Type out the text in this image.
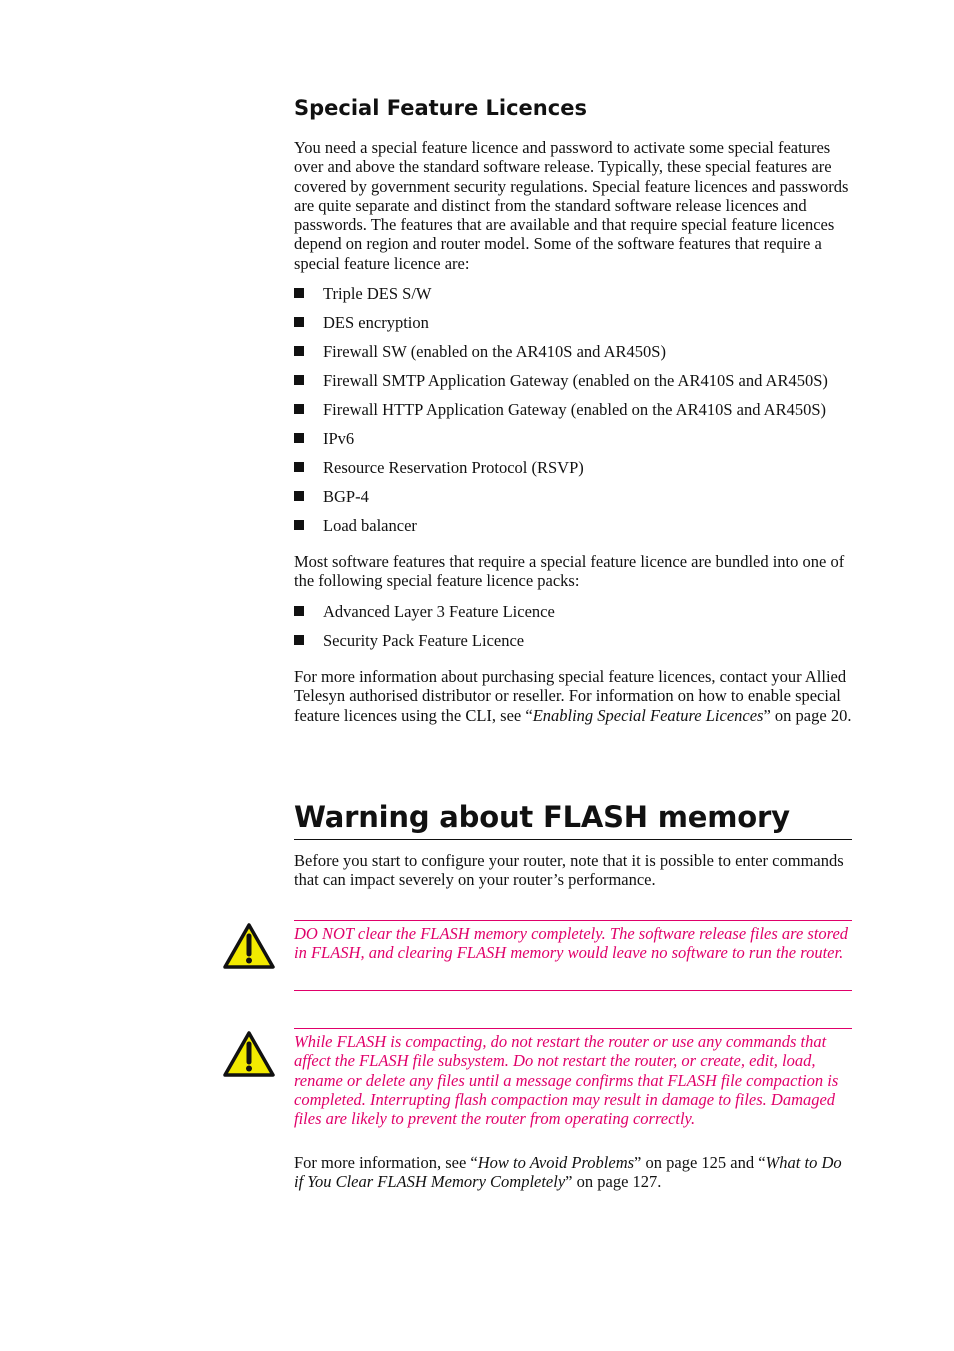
Special Feature Licences

You need a special feature licence and password to activate some special features over and above the standard software release. Typically, these special features are covered by government security regulations. Special feature licences and passwords are quite separate and distinct from the standard software release licences and passwords. The features that are available and that require special feature licences depend on region and router model. Some of the software features that require a special feature licence are:

Triple DES S/W
DES encryption
Firewall SW (enabled on the AR410S and AR450S)
Firewall SMTP Application Gateway (enabled on the AR410S and AR450S)
Firewall HTTP Application Gateway (enabled on the AR410S and AR450S)
IPv6
Resource Reservation Protocol (RSVP)
BGP-4
Load balancer

Most software features that require a special feature licence are bundled into one of the following special feature licence packs:

Advanced Layer 3 Feature Licence
Security Pack Feature Licence

For more information about purchasing special feature licences, contact your Allied Telesyn authorised distributor or reseller. For information on how to enable special feature licences using the CLI, see “Enabling Special Feature Licences” on page 20.

Warning about FLASH memory

Before you start to configure your router, note that it is possible to enter commands that can impact severely on your router’s performance.

DO NOT clear the FLASH memory completely. The software release files are stored in FLASH, and clearing FLASH memory would leave no software to run the router.

While FLASH is compacting, do not restart the router or use any commands that affect the FLASH file subsystem. Do not restart the router, or create, edit, load, rename or delete any files until a message confirms that FLASH file compaction is completed. Interrupting flash compaction may result in damage to files. Damaged files are likely to prevent the router from operating correctly.

For more information, see “How to Avoid Problems” on page 125 and “What to Do if You Clear FLASH Memory Completely” on page 127.
